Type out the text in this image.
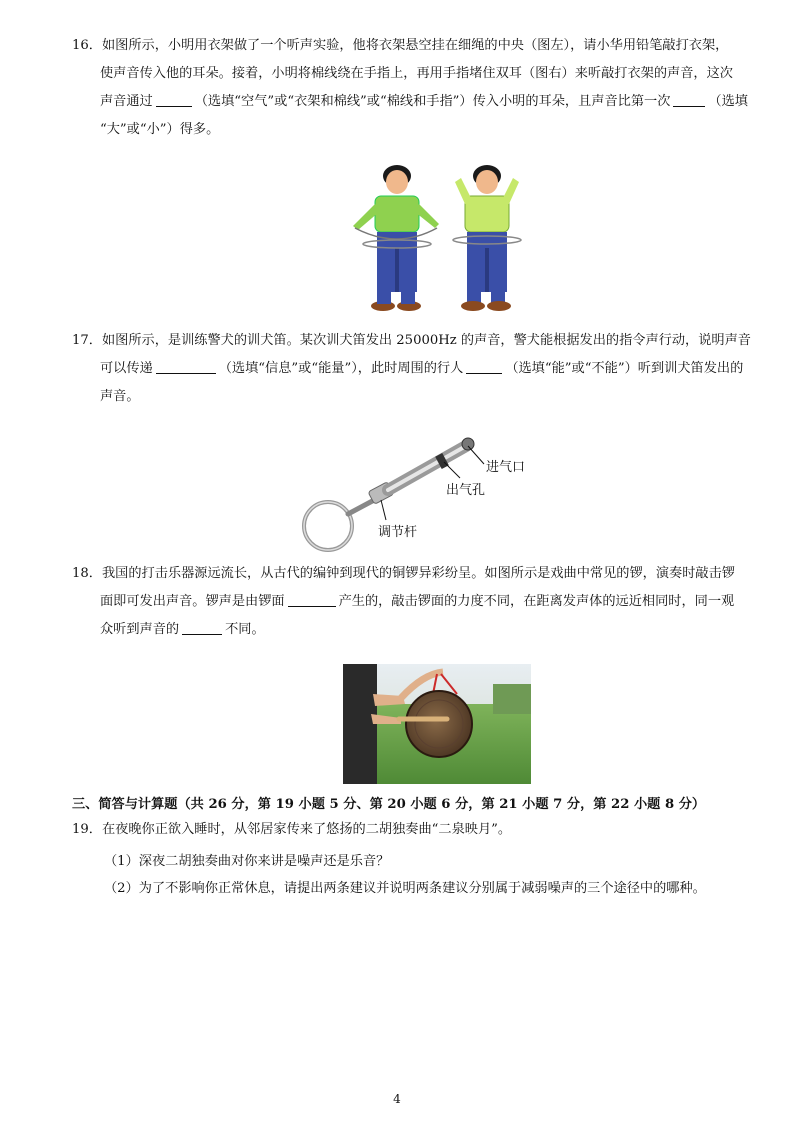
16．如图所示，小明用衣架做了一个听声实验，他将衣架悬空挂在细绳的中央（图左），请小华用铅笔敲打衣架，
使声音传入他的耳朵。接着，小明将棉线绕在手指上，再用手指堵住双耳（图右）来听敲打衣架的声音，这次
声音通过	（选填“空气”或“衣架和棉线”或“棉线和手指”）传入小明的耳朵，且声音比第一次	（选填
“大”或“小”）得多。
17．如图所示，是训练警犬的训犬笛。某次训犬笛发出 25000Hz 的声音，警犬能根据发出的指令声行动，说明声音
可以传递	（选填“信息”或“能量”），此时周围的行人	（选填“能”或“不能”）听到训犬笛发出的
声音。
进气口
出气孔
调节杆
18．我国的打击乐器源远流长，从古代的编钟到现代的铜锣异彩纷呈。如图所示是戏曲中常见的锣，演奏时敲击锣
面即可发出声音。锣声是由锣面	产生的，敲击锣面的力度不同，在距离发声体的远近相同时，同一观
众听到声音的	不同。
三、简答与计算题（共 26 分，第 19 小题 5 分、第 20 小题 6 分，第 21 小题 7 分，第 22 小题 8 分）
19．在夜晚你正欲入睡时，从邻居家传来了悠扬的二胡独奏曲“二泉映月”。
（1）深夜二胡独奏曲对你来讲是噪声还是乐音？
（2）为了不影响你正常休息，请提出两条建议并说明两条建议分别属于减弱噪声的三个途径中的哪种。
4
